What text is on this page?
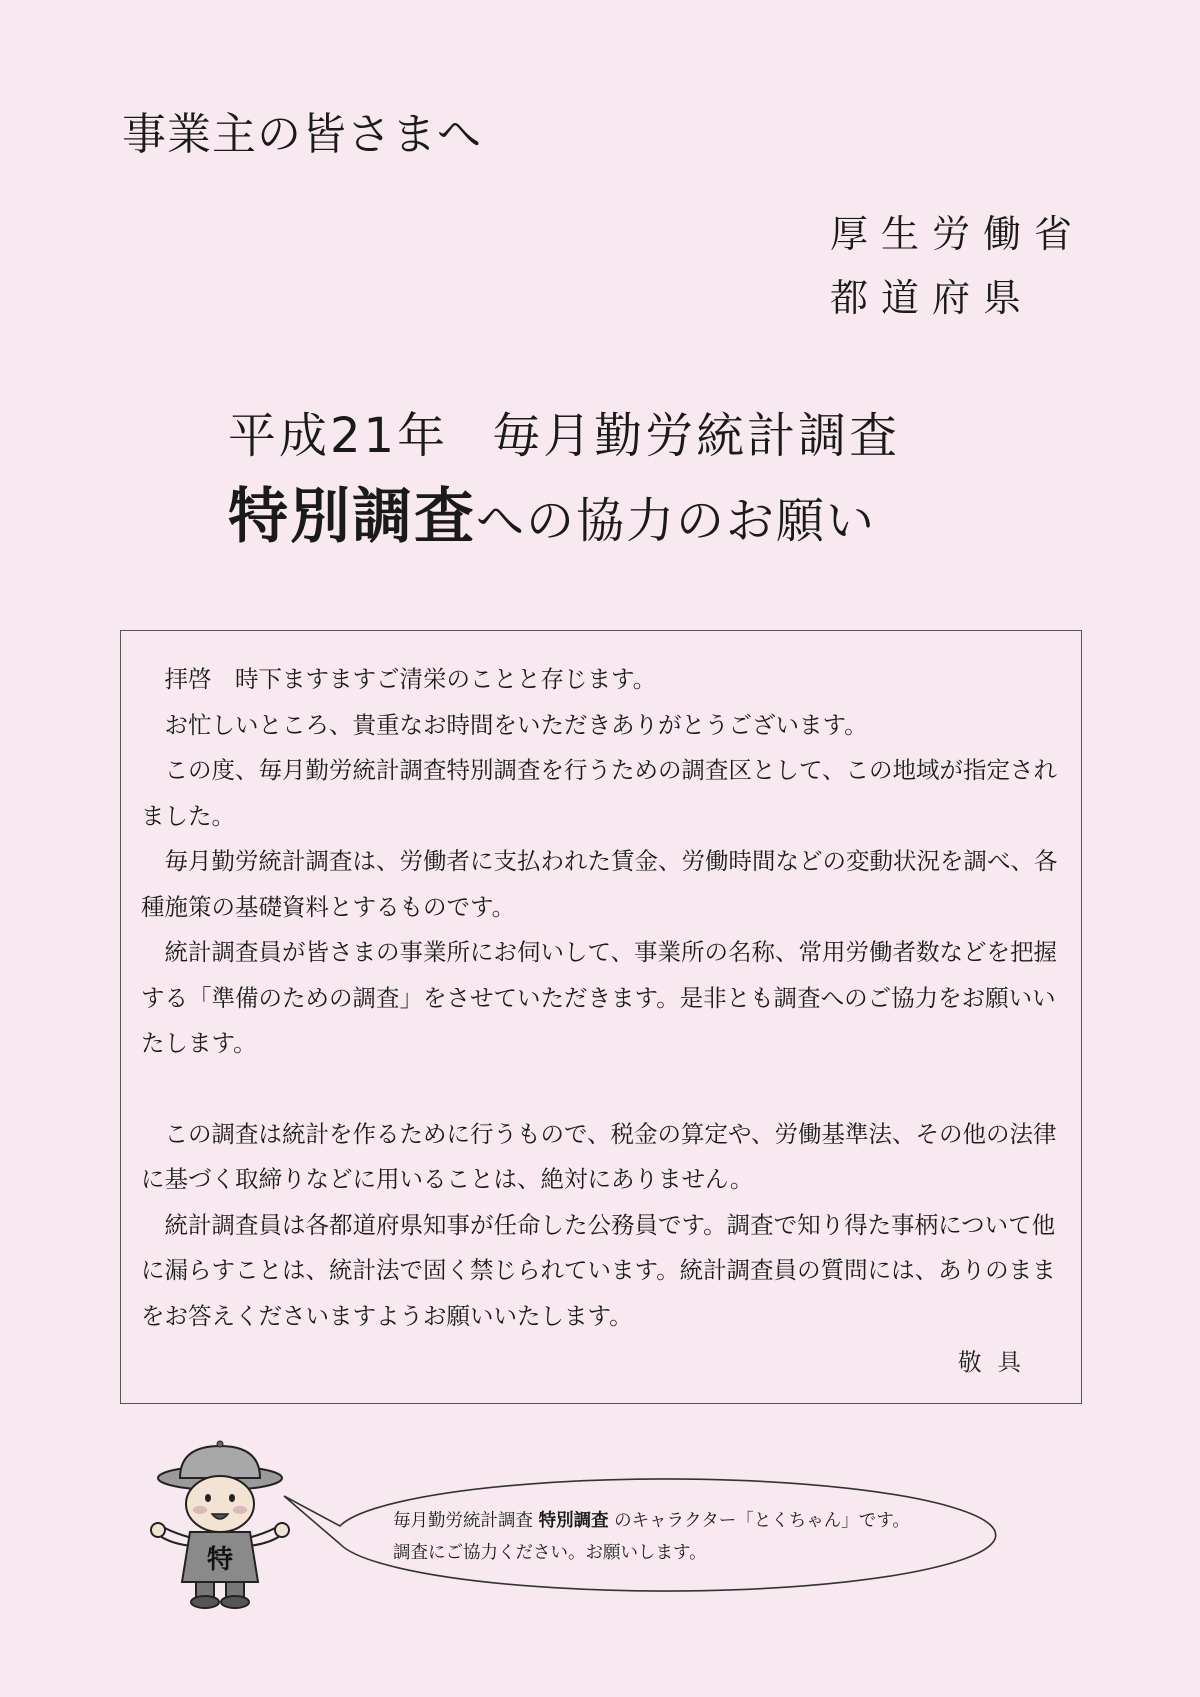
事業主の皆さまへ
厚生労働省
都道府県
平成21年 毎月勤労統計調査
特別調査への協力のお願い

拝啓　時下ますますご清栄のことと存じます。

お忙しいところ、貴重なお時間をいただきありがとうございます。

この度、毎月勤労統計調査特別調査を行うための調査区として、この地域が指定されました。

毎月勤労統計調査は、労働者に支払われた賃金、労働時間などの変動状況を調べ、各種施策の基礎資料とするものです。

統計調査員が皆さまの事業所にお伺いして、事業所の名称、常用労働者数などを把握する「準備のための調査」をさせていただきます。是非とも調査へのご協力をお願いいたします。

この調査は統計を作るために行うもので、税金の算定や、労働基準法、その他の法律に基づく取締りなどに用いることは、絶対にありません。

統計調査員は各都道府県知事が任命した公務員です。調査で知り得た事柄について他に漏らすことは、統計法で固く禁じられています。統計調査員の質問には、ありのままをお答えくださいますようお願いいたします。

敬具
特
毎月勤労統計調査 特別調査 のキャラクター「とくちゃん」です。
調査にご協力ください。お願いします。
